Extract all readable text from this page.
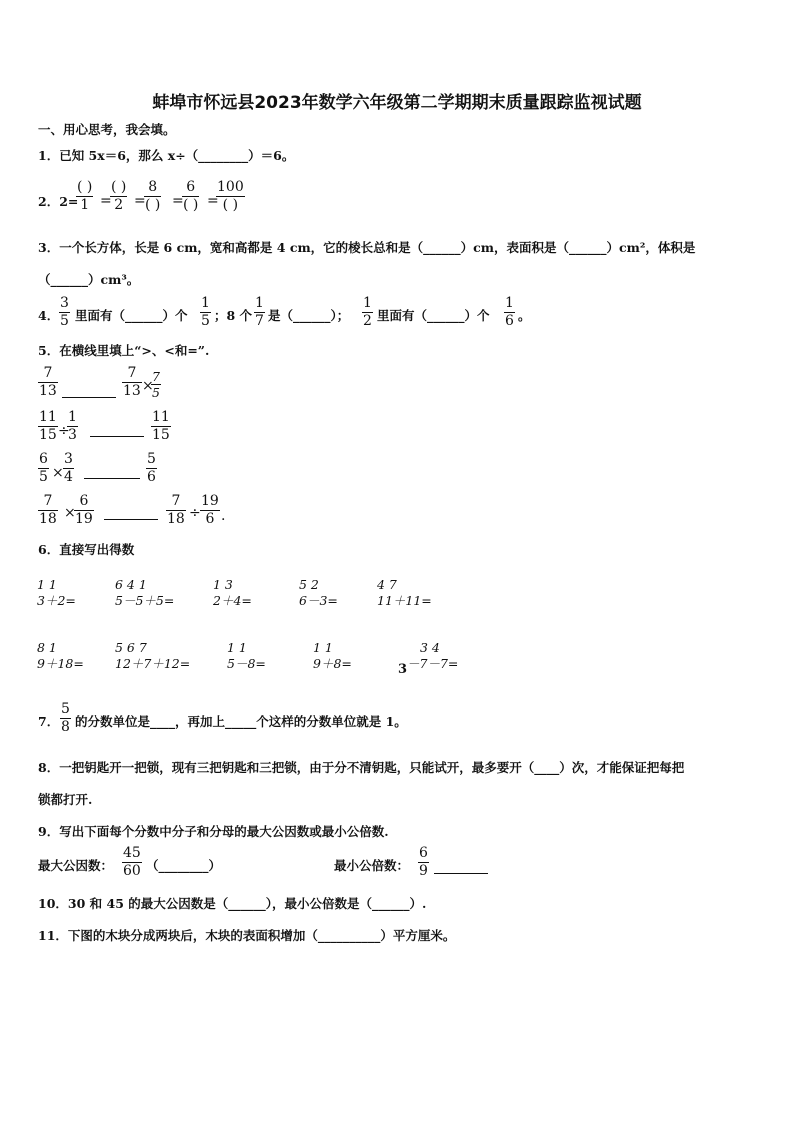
蚌埠市怀远县2023年数学六年级第二学期期末质量跟踪监视试题
一、用心思考，我会填。
1．已知 5x＝6，那么 x÷（________）＝6。
2．2=
( )
1 =
( )
2 =
8
( ) =
6
( ) =
100
( )
3．一个长方体，长是 6 cm，宽和高都是 4 cm，它的棱长总和是（______）cm，表面积是（______）cm²，体积是
（______）cm³。
4．
3
5 里面有（______）个
1
5 ；8 个
1
7 是（______）；
1
2 里面有（______）个
1
6 。
5．在横线里填上“>、<和=”.
7
13
7
13 ×
7
5
11
15 ÷
1
3
11
15
6
5 ×
3
4
5
6
7
18 ×
6
19
7
18 ÷
19
6 .
6．直接写出得数
1 1
3＋2=
6 4 1
5－5＋5=
1 3
2＋4=
5 2
6－3=
4 7
11＋11=
8 1
9＋18=
5 6 7
12＋7＋12=
1 1
5－8=
1 1
9＋8=	3
3 4
－7－7=
7．
5
8 的分数单位是____，再加上_____个这样的分数单位就是 1。
8．一把钥匙开一把锁，现有三把钥匙和三把锁，由于分不清钥匙，只能试开，最多要开（____）次，才能保证把每把
锁都打开.
9．写出下面每个分数中分子和分母的最大公因数或最小公倍数.
最大公因数：
45
60 （________）	最小公倍数：
6
9
10．30 和 45 的最大公因数是（______），最小公倍数是（______）.
11．下图的木块分成两块后，木块的表面积增加（__________）平方厘米。
